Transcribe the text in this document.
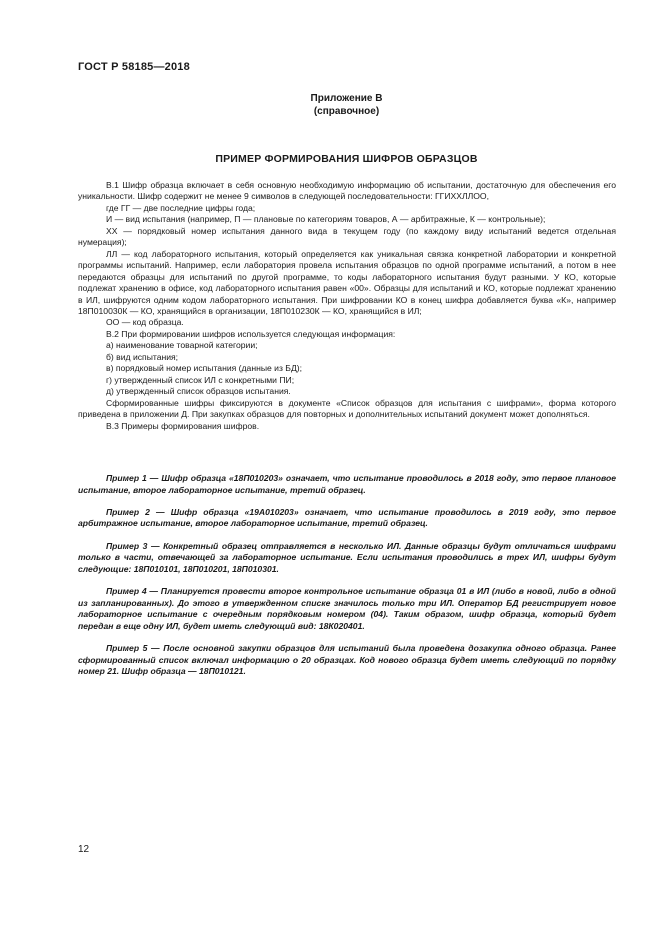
ГОСТ Р 58185—2018
Приложение В
(справочное)
ПРИМЕР ФОРМИРОВАНИЯ ШИФРОВ ОБРАЗЦОВ

В.1 Шифр образца включает в себя основную необходимую информацию об испытании, достаточную для обеспечения его уникальности. Шифр содержит не менее 9 символов в следующей последовательности: ГГИХХЛЛОО,

где ГГ — две последние цифры года;

И — вид испытания (например, П — плановые по категориям товаров, А — арбитражные, К — контрольные);

ХХ — порядковый номер испытания данного вида в текущем году (по каждому виду испытаний ведется отдельная нумерация);

ЛЛ — код лабораторного испытания, который определяется как уникальная связка конкретной лаборатории и конкретной программы испытаний. Например, если лаборатория провела испытания образцов по одной программе испытаний, а потом в нее передаются образцы для испытаний по другой программе, то коды лабораторного испытания будут разными. У КО, которые подлежат хранению в офисе, код лабораторного испытания равен «00». Образцы для испытаний и КО, которые подлежат хранению в ИЛ, шифруются одним кодом лабораторного испытания. При шифровании КО в конец шифра добавляется буква «К», например 18П010030К — КО, хранящийся в организации, 18П010230К — КО, хранящийся в ИЛ;

ОО — код образца.

В.2 При формировании шифров используется следующая информация:

а) наименование товарной категории;

б) вид испытания;

в) порядковый номер испытания (данные из БД);

г) утвержденный список ИЛ с конкретными ПИ;

д) утвержденный список образцов испытания.

Сформированные шифры фиксируются в документе «Список образцов для испытания с шифрами», форма которого приведена в приложении Д. При закупках образцов для повторных и дополнительных испытаний документ может дополняться.

В.3 Примеры формирования шифров.

Пример 1 — Шифр образца «18П010203» означает, что испытание проводилось в 2018 году, это первое плановое испытание, второе лабораторное испытание, третий образец.

Пример 2 — Шифр образца «19А010203» означает, что испытание проводилось в 2019 году, это первое арбитражное испытание, второе лабораторное испытание, третий образец.

Пример 3 — Конкретный образец отправляется в несколько ИЛ. Данные образцы будут отличаться шифрами только в части, отвечающей за лабораторное испытание. Если испытания проводились в трех ИЛ, шифры будут следующие: 18П010101, 18П010201, 18П010301.

Пример 4 — Планируется провести второе контрольное испытание образца 01 в ИЛ (либо в новой, либо в одной из запланированных). До этого в утвержденном списке значилось только три ИЛ. Оператор БД регистрирует новое лабораторное испытание с очередным порядковым номером (04). Таким образом, шифр образца, который будет передан в еще одну ИЛ, будет иметь следующий вид: 18К020401.

Пример 5 — После основной закупки образцов для испытаний была проведена дозакупка одного образца. Ранее сформированный список включал информацию о 20 образцах. Код нового образца будет иметь следующий по порядку номер 21. Шифр образца — 18П010121.

12
